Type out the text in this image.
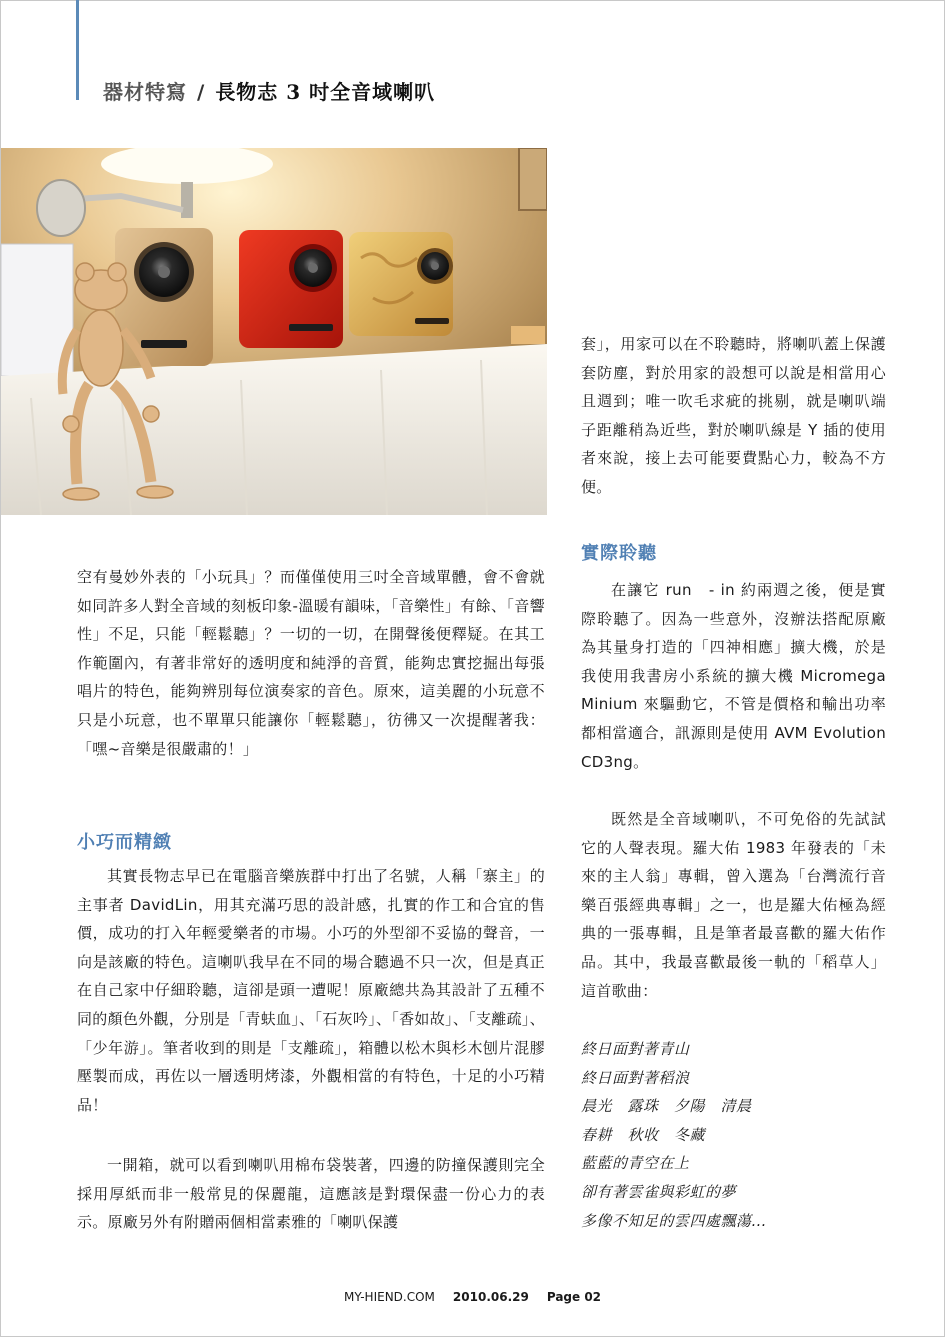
器材特寫 / 長物志 3 吋全音域喇叭

空有曼妙外表的「小玩具」？而僅僅使用三吋全音域單體，會不會就如同許多人對全音域的刻板印象-溫暖有韻味，「音樂性」有餘、「音響性」不足，只能「輕鬆聽」？一切的一切，在開聲後便釋疑。在其工作範圍內，有著非常好的透明度和純淨的音質，能夠忠實挖掘出每張唱片的特色，能夠辨別每位演奏家的音色。原來，這美麗的小玩意不只是小玩意，也不單單只能讓你「輕鬆聽」，彷彿又一次提醒著我：「嘿~音樂是很嚴肅的！」

小巧而精緻

其實長物志早已在電腦音樂族群中打出了名號，人稱「寨主」的主事者 DavidLin，用其充滿巧思的設計感，扎實的作工和合宜的售價，成功的打入年輕愛樂者的市場。小巧的外型卻不妥協的聲音，一向是該廠的特色。這喇叭我早在不同的場合聽過不只一次，但是真正在自己家中仔細聆聽，這卻是頭一遭呢！原廠總共為其設計了五種不同的顏色外觀，分別是「青蚨血」、「石灰吟」、「香如故」、「支離疏」、「少年游」。筆者收到的則是「支離疏」，箱體以松木與杉木刨片混膠壓製而成，再佐以一層透明烤漆，外觀相當的有特色，十足的小巧精品！

一開箱，就可以看到喇叭用棉布袋裝著，四邊的防撞保護則完全採用厚紙而非一般常見的保麗龍，這應該是對環保盡一份心力的表示。原廠另外有附贈兩個相當素雅的「喇叭保護

套」，用家可以在不聆聽時，將喇叭蓋上保護套防塵，對於用家的設想可以說是相當用心且週到；唯一吹毛求疵的挑剔，就是喇叭端子距離稍為近些，對於喇叭線是 Y 插的使用者來說，接上去可能要費點心力，較為不方便。

實際聆聽

在讓它 run　- in 約兩週之後，便是實際聆聽了。因為一些意外，沒辦法搭配原廠為其量身打造的「四神相應」擴大機，於是我使用我書房小系統的擴大機 Micromega Minium 來驅動它，不管是價格和輸出功率都相當適合，訊源則是使用 AVM Evolution CD3ng。

既然是全音域喇叭，不可免俗的先試試它的人聲表現。羅大佑 1983 年發表的「未來的主人翁」專輯，曾入選為「台灣流行音樂百張經典專輯」之一，也是羅大佑極為經典的一張專輯，且是筆者最喜歡的羅大佑作品。其中，我最喜歡最後一軌的「稻草人」這首歌曲：

終日面對著青山
終日面對著稻浪
晨光　露珠　夕陽　清晨
春耕　秋收　冬藏
藍藍的青空在上
卻有著雲雀與彩虹的夢
多像不知足的雲四處飄蕩…
MY-HIEND.COM 2010.06.29 Page 02
